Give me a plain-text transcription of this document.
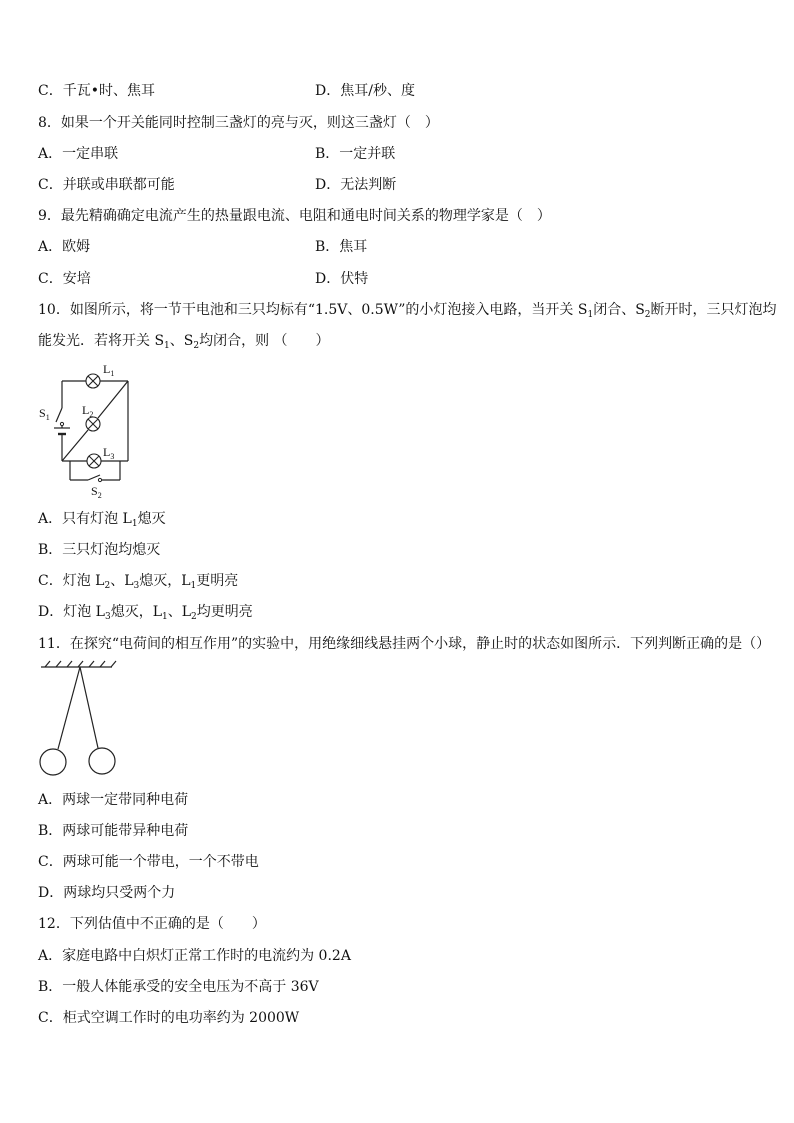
C．千瓦•时、焦耳	D．焦耳/秒、度
8．如果一个开关能同时控制三盏灯的亮与灭，则这三盏灯（　）
A．一定串联	B．一定并联
C．并联或串联都可能	D．无法判断
9．最先精确确定电流产生的热量跟电流、电阻和通电时间关系的物理学家是（　）
A．欧姆	B．焦耳
C．安培	D．伏特
10．如图所示，将一节干电池和三只均标有“1.5V、0.5W”的小灯泡接入电路，当开关 $S_1$闭合、$S_2$断开时，三只灯泡均
能发光．若将开关 $S_1$、$S_2$均闭合，则 （　　）
$L_1$
$L_2$
$L_3$
$S_1$
$S_2$
A．只有灯泡 $L_1$熄灭
B．三只灯泡均熄灭
C．灯泡 $L_2$、$L_3$熄灭，$L_1$更明亮
D．灯泡 $L_3$熄灭，$L_1$、$L_2$均更明亮
11．在探究“电荷间的相互作用”的实验中，用绝缘细线悬挂两个小球，静止时的状态如图所示．下列判断正确的是（）
A．两球一定带同种电荷
B．两球可能带异种电荷
C．两球可能一个带电，一个不带电
D．两球均只受两个力
12．下列估值中不正确的是（　　）
A．家庭电路中白炽灯正常工作时的电流约为 0.2A
B．一般人体能承受的安全电压为不高于 36V
C．柜式空调工作时的电功率约为 2000W
